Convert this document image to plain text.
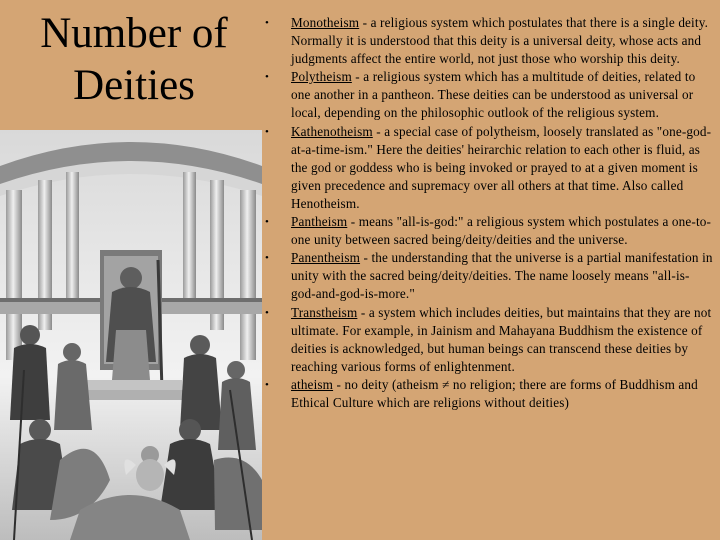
Number of
Deities
• Monotheism - a religious system which postulates that there is a single deity. Normally it is understood that this deity is a universal deity, whose acts and judgments affect the entire world, not just those who worship this deity.
• Polytheism - a religious system which has a multitude of deities, related to one another in a pantheon. These deities can be understood as universal or local, depending on the philosophic outlook of the religious system.
• Kathenotheism - a special case of polytheism, loosely translated as "one-god-at-a-time-ism." Here the deities' heirarchic relation to each other is fluid, as the god or goddess who is being invoked or prayed to at a given moment is given precedence and supremacy over all others at that time. Also called Henotheism.
• Pantheism - means "all-is-god:" a religious system which postulates a one-to-one unity between sacred being/deity/deities and the universe.
• Panentheism - the understanding that the universe is a partial manifestation in unity with the sacred being/deity/deities. The name loosely means "all-is-god-and-god-is-more."
• Transtheism - a system which includes deities, but maintains that they are not ultimate. For example, in Jainism and Mahayana Buddhism the existence of deities is acknowledged, but human beings can transcend these deities by reaching various forms of enlightenment.
• atheism - no deity (atheism ≠ no religion; there are forms of Buddhism and Ethical Culture which are religions without deities)
